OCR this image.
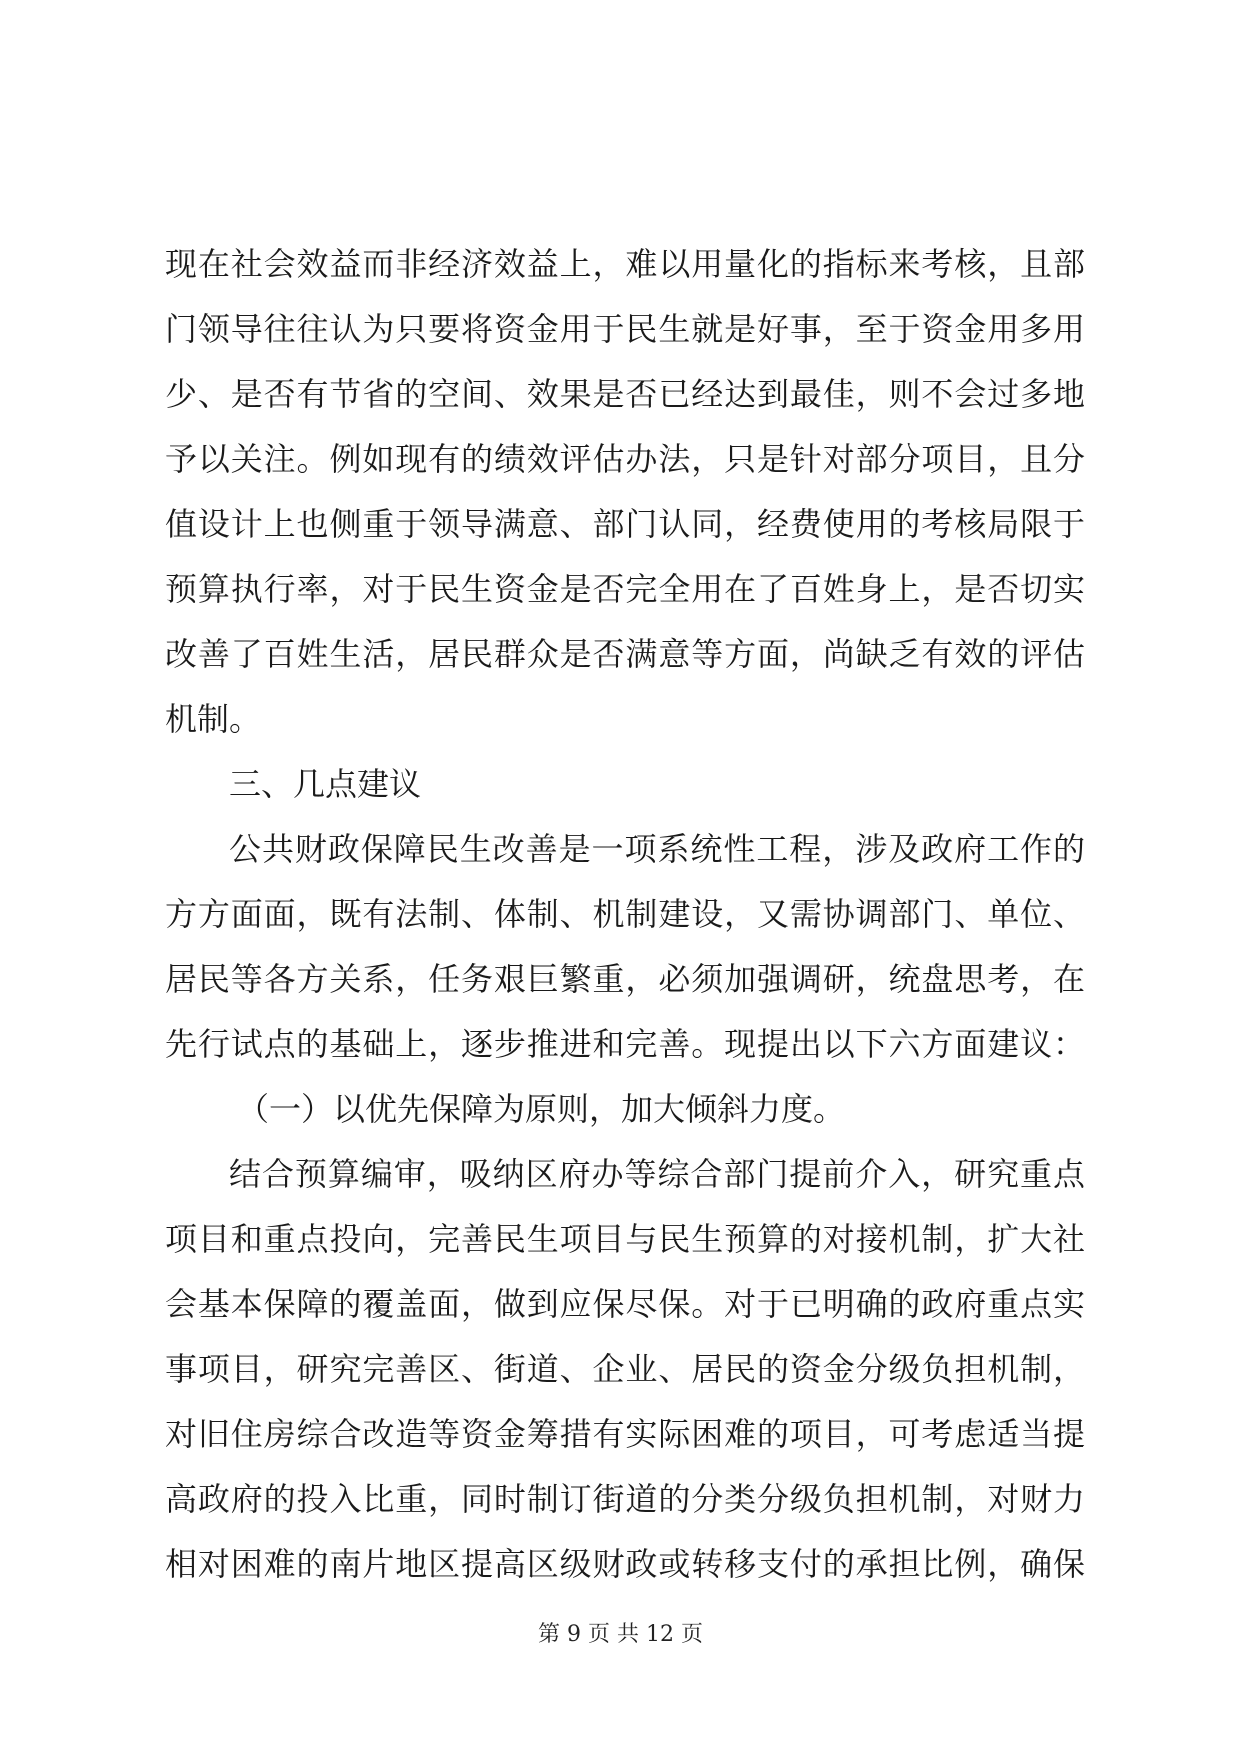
现在社会效益而非经济效益上，难以用量化的指标来考核，且部
门领导往往认为只要将资金用于民生就是好事，至于资金用多用
少、是否有节省的空间、效果是否已经达到最佳，则不会过多地
予以关注。例如现有的绩效评估办法，只是针对部分项目，且分
值设计上也侧重于领导满意、部门认同，经费使用的考核局限于
预算执行率，对于民生资金是否完全用在了百姓身上，是否切实
改善了百姓生活，居民群众是否满意等方面，尚缺乏有效的评估
机制。
三、几点建议
公共财政保障民生改善是一项系统性工程，涉及政府工作的
方方面面，既有法制、体制、机制建设，又需协调部门、单位、
居民等各方关系，任务艰巨繁重，必须加强调研，统盘思考，在
先行试点的基础上，逐步推进和完善。现提出以下六方面建议：
（一）以优先保障为原则，加大倾斜力度。
结合预算编审，吸纳区府办等综合部门提前介入，研究重点
项目和重点投向，完善民生项目与民生预算的对接机制，扩大社
会基本保障的覆盖面，做到应保尽保。对于已明确的政府重点实
事项目，研究完善区、街道、企业、居民的资金分级负担机制，
对旧住房综合改造等资金筹措有实际困难的项目，可考虑适当提
高政府的投入比重，同时制订街道的分类分级负担机制，对财力
相对困难的南片地区提高区级财政或转移支付的承担比例，确保
第 9 页 共 12 页
